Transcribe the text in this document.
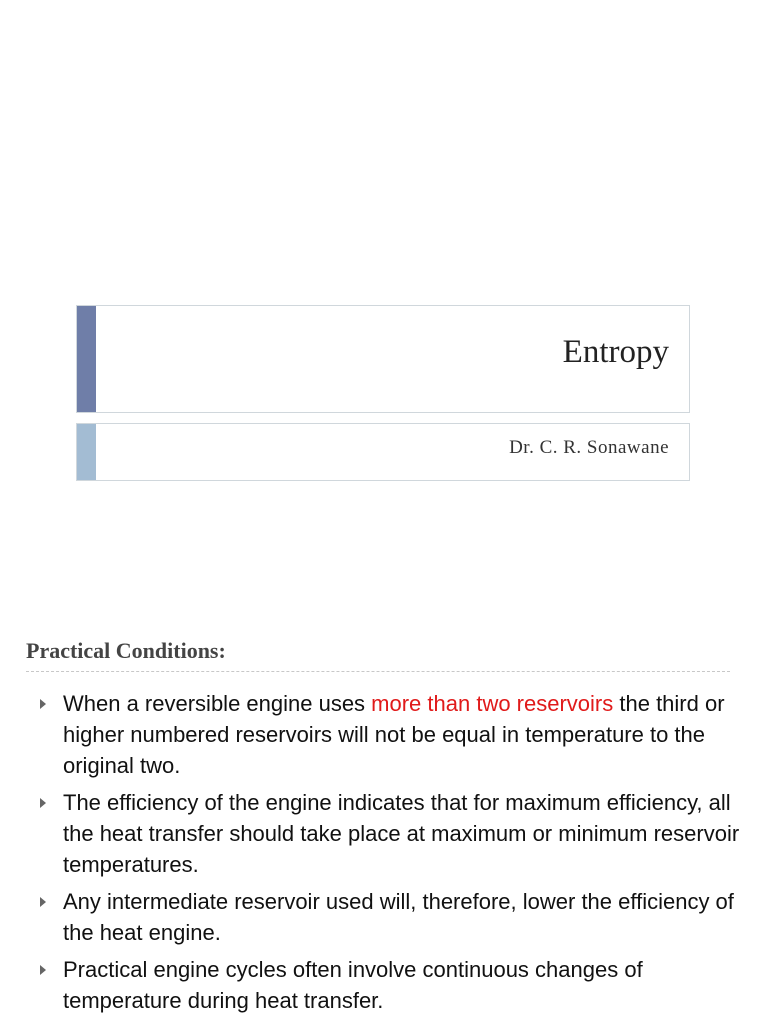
Entropy
Dr. C. R. Sonawane
Practical Conditions:
When a reversible engine uses more than two reservoirs the third or higher numbered reservoirs will not be equal in temperature to the original two.
The efficiency of the engine indicates that for maximum efficiency, all the heat transfer should take place at maximum or minimum reservoir temperatures.
Any intermediate reservoir used will, therefore, lower the efficiency of the heat engine.
Practical engine cycles often involve continuous changes of temperature during heat transfer.
